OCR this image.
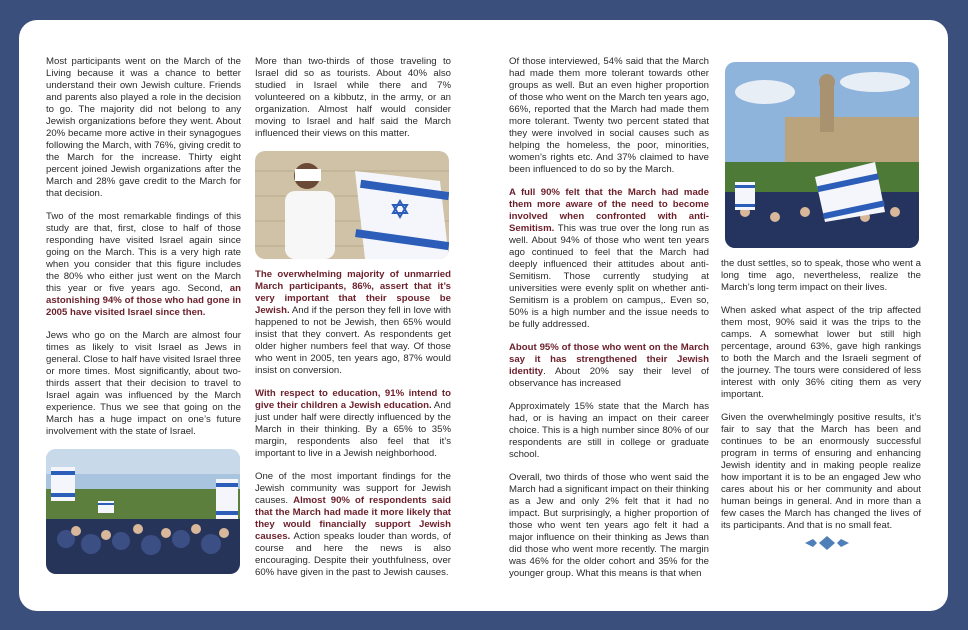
Most participants went on the March of the Living because it was a chance to better understand their own Jewish culture. Friends and parents also played a role in the decision to go. The majority did not belong to any Jewish organizations before they went. About 20% became more active in their synagogues following the March, with 76%, giving credit to the March for the increase. Thirty eight percent joined Jewish organizations after the March and 28% gave credit to the March for that decision.

Two of the most remarkable findings of this study are that, first, close to half of those responding have visited Israel again since going on the March. This is a very high rate when you consider that this figure includes the 80% who either just went on the March this year or five years ago. Second, an astonishing 94% of those who had gone in 2005 have visited Israel since then.

Jews who go on the March are almost four times as likely to visit Israel as Jews in general. Close to half have visited Israel three or more times. Most significantly, about two-thirds assert that their decision to travel to Israel again was influenced by the March experience. Thus we see that going on the March has a huge impact on one’s future involvement with the state of Israel.

More than two-thirds of those traveling to Israel did so as tourists. About 40% also studied in Israel while there and 7% volunteered on a kibbutz, in the army, or an organization. Almost half would consider moving to Israel and half said the March influenced their views on this matter.

The overwhelming majority of unmarried March participants, 86%, assert that it’s very important that their spouse be Jewish. And if the person they fell in love with happened to not be Jewish, then 65% would insist that they convert. As respondents get older higher numbers feel that way. Of those who went in 2005, ten years ago, 87% would insist on conversion.

With respect to education, 91% intend to give their children a Jewish education. And just under half were directly influenced by the March in their thinking. By a 65% to 35% margin, respondents also feel that it’s important to live in a Jewish neighborhood.

One of the most important findings for the Jewish community was support for Jewish causes. Almost 90% of respondents said that the March had made it more likely that they would financially support Jewish causes. Action speaks louder than words, of course and here the news is also encouraging. Despite their youthfulness, over 60% have given in the past to Jewish causes.

Of those interviewed, 54% said that the March had made them more tolerant towards other groups as well. But an even higher proportion of those who went on the March ten years ago, 66%, reported that the March had made them more tolerant. Twenty two percent stated that they were involved in social causes such as helping the homeless, the poor, minorities, women’s rights etc. And 37% claimed to have been influenced to do so by the March.

A full 90% felt that the March had made them more aware of the need to become involved when confronted with anti-Semitism. This was true over the long run as well. About 94% of those who went ten years ago continued to feel that the March had deeply influenced their attitudes about anti-Semitism. Those currently studying at universities were evenly split on whether anti-Semitism is a problem on campus,. Even so, 50% is a high number and the issue needs to be fully addressed.

About 95% of those who went on the March say it has strengthened their Jewish identity. About 20% say their level of observance has increased

Approximately 15% state that the March has had, or is having an impact on their career choice. This is a high number since 80% of our respondents are still in college or graduate school.

Overall, two thirds of those who went said the March had a significant impact on their thinking as a Jew and only 2% felt that it had no impact. But surprisingly, a higher proportion of those who went ten years ago felt it had a major influence on their thinking as Jews than did those who went more recently. The margin was 46% for the older cohort and 35% for the younger group. What this means is that when

the dust settles, so to speak, those who went a long time ago, nevertheless, realize the March’s long term impact on their lives.

When asked what aspect of the trip affected them most, 90% said it was the trips to the camps. A somewhat lower but still high percentage, around 63%, gave high rankings to both the March and the Israeli segment of the journey. The tours were considered of less interest with only 36% citing them as very important.

Given the overwhelmingly positive results, it’s fair to say that the March has been and continues to be an enormously successful program in terms of ensuring and enhancing Jewish identity and in making people realize how important it is to be an engaged Jew who cares about his or her community and about human beings in general. And in more than a few cases the March has changed the lives of its participants. And that is no small feat.
